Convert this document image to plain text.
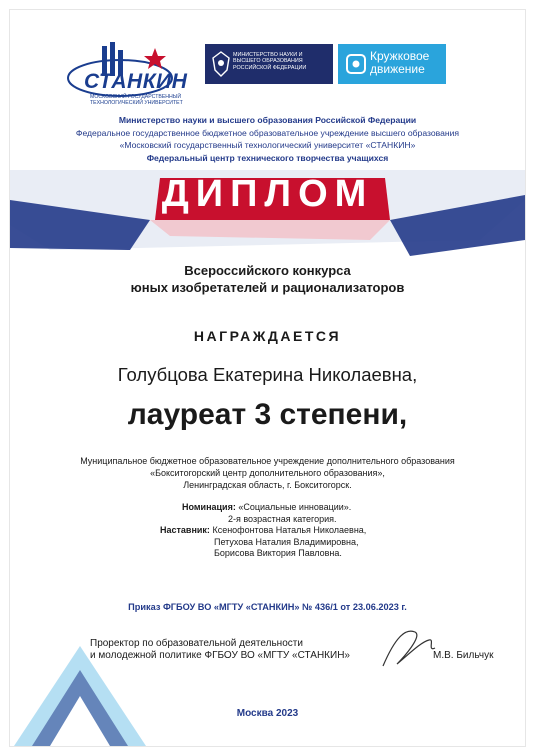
СТАНКИН
МОСКОВСКИЙ ГОСУДАРСТВЕННЫЙ ТЕХНОЛОГИЧЕСКИЙ УНИВЕРСИТЕТ
МИНИСТЕРСТВО НАУКИ И ВЫСШЕГО ОБРАЗОВАНИЯ РОССИЙСКОЙ ФЕДЕРАЦИИ
Кружковое движение
Министерство науки и высшего образования Российской Федерации
Федеральное государственное бюджетное образовательное учреждение высшего образования
«Московский государственный технологический университет «СТАНКИН»
Федеральный центр технического творчества учащихся
ДИПЛОМ
Всероссийского конкурса
юных изобретателей и рационализаторов
НАГРАЖДАЕТСЯ
Голубцова Екатерина Николаевна,
лауреат 3 степени,
Муниципальное бюджетное образовательное учреждение дополнительного образования
«Бокситогорский центр дополнительного образования»,
Ленинградская область, г. Бокситогорск.
Номинация: «Социальные инновации».
2-я возрастная категория.
Наставник: Ксенофонтова Наталья Николаевна,
Петухова Наталия Владимировна,
Борисова Виктория Павловна.
Приказ ФГБОУ ВО «МГТУ «СТАНКИН» № 436/1 от 23.06.2023 г.
Проректор по образовательной деятельности
и молодежной политике ФГБОУ ВО «МГТУ «СТАНКИН»	М.В. Бильчук
Москва 2023
